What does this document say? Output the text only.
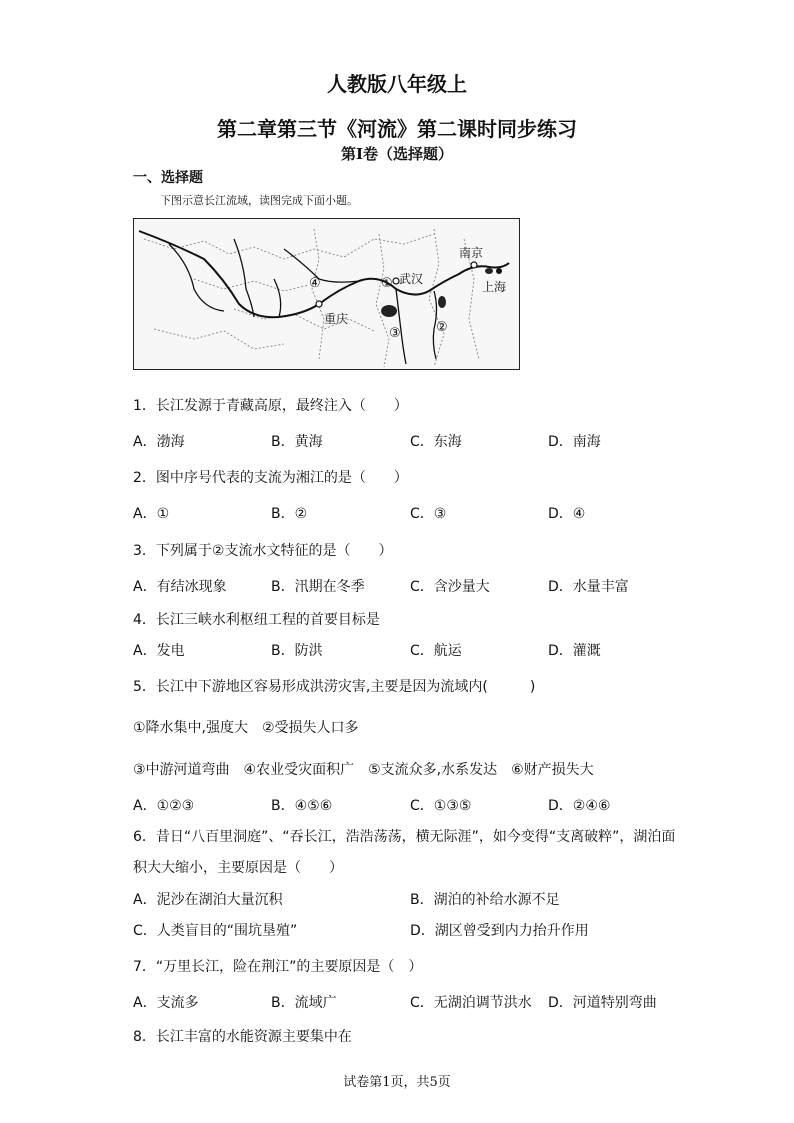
人教版八年级上
第二章第三节《河流》第二课时同步练习
第I卷（选择题）
一、选择题
下图示意长江流域，读图完成下面小题。
南京
上海
武汉
重庆
①
②
③
④
1．长江发源于青藏高原，最终注入（　　）
A．渤海	B．黄海	C．东海	D．南海
2．图中序号代表的支流为湘江的是（　　）
A．①	B．②	C．③	D．④
3．下列属于②支流水文特征的是（　　）
A．有结冰现象	B．汛期在冬季	C．含沙量大	D．水量丰富
4．长江三峡水利枢纽工程的首要目标是
A．发电	B．防洪	C．航运	D．灌溉
5．长江中下游地区容易形成洪涝灾害,主要是因为流域内(　　　)
①降水集中,强度大　②受损失人口多
③中游河道弯曲　④农业受灾面积广　⑤支流众多,水系发达　⑥财产损失大
A．①②③	B．④⑤⑥	C．①③⑤	D．②④⑥
6．昔日“八百里洞庭”、“吞长江，浩浩荡荡，横无际涯”，如今变得“支离破粹”，湖泊面
积大大缩小，主要原因是（　　）
A．泥沙在湖泊大量沉积	B．湖泊的补给水源不足
C．人类盲目的“围坑垦殖”	D．湖区曾受到内力抬升作用
7．“万里长江，险在荆江”的主要原因是（　）
A．支流多	B．流域广	C．无湖泊调节洪水 D．河道特别弯曲
8．长江丰富的水能资源主要集中在
试卷第1页，共5页
